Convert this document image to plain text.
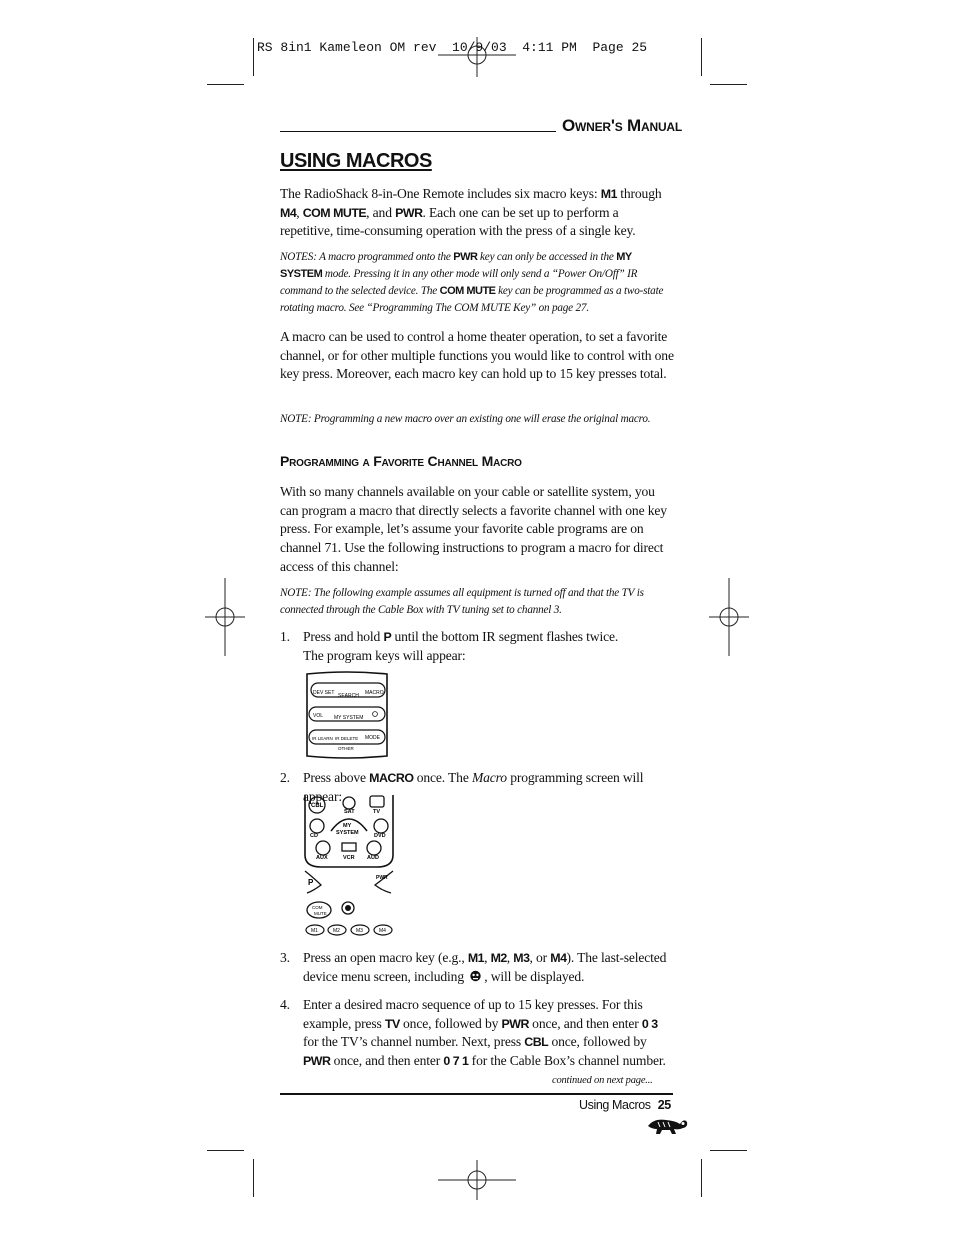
RS 8in1 Kameleon OM rev  10/9/03  4:11 PM  Page 25
Owner's Manual
USING MACROS
The RadioShack 8-in-One Remote includes six macro keys: M1 through M4, COM MUTE, and PWR. Each one can be set up to perform a repetitive, time-consuming operation with the press of a single key.
NOTES: A macro programmed onto the PWR key can only be accessed in the MY SYSTEM mode. Pressing it in any other mode will only send a “Power On/Off” IR command to the selected device. The COM MUTE key can be programmed as a two-state rotating macro. See “Programming The COM MUTE Key” on page 27.
A macro can be used to control a home theater operation, to set a favorite channel, or for other multiple functions you would like to control with one key press. Moreover, each macro key can hold up to 15 key presses total.
NOTE: Programming a new macro over an existing one will erase the original macro.
Programming a Favorite Channel Macro
With so many channels available on your cable or satellite system, you can program a macro that directly selects a favorite channel with one key press. For example, let’s assume your favorite cable programs are on channel 71. Use the following instructions to program a macro for direct access of this channel:
NOTE: The following example assumes all equipment is turned off and that the TV is connected through the Cable Box with TV tuning set to channel 3.
1. Press and hold P until the bottom IR segment flashes twice.
The program keys will appear:
2. Press above MACRO once. The Macro programming screen will appear:
3. Press an open macro key (e.g., M1, M2, M3, or M4). The last-selected device menu screen, including , will be displayed.
4. Enter a desired macro sequence of up to 15 key presses. For this example, press TV once, followed by PWR once, and then enter 0 3 for the TV’s channel number. Next, press CBL once, followed by PWR once, and then enter 0 7 1 for the Cable Box’s channel number.
DEV SET SEARCH MACRO
VOL MY SYSTEM
IR LEARN IR DELETE MODE
OTHER
CBL
SAT	TV
CD
MY
SYSTEM	DVD
AUX	VCR AUD
P	PWR
COM
MUTE
M1	M2	M3	M4
continued on next page...
Using Macros 25
